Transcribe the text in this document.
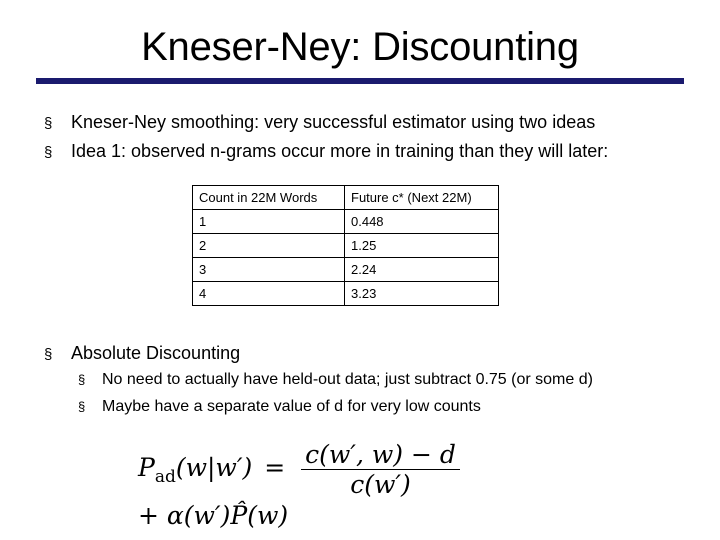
Kneser-Ney: Discounting
§	Kneser-Ney smoothing: very successful estimator using two ideas
§	Idea 1: observed n-grams occur more in training than they will later:
Count in 22M Words	Future c* (Next 22M)
1	0.448
2	1.25
3	2.24
4	3.23
§	Absolute Discounting
§	No need to actually have held-out data; just subtract 0.75 (or some d)
§	Maybe have a separate value of d for very low counts
$P_{ad}(w|w') = \frac{c(w', w) - d}{c(w')}$
+ α(w′)P̂(w)
